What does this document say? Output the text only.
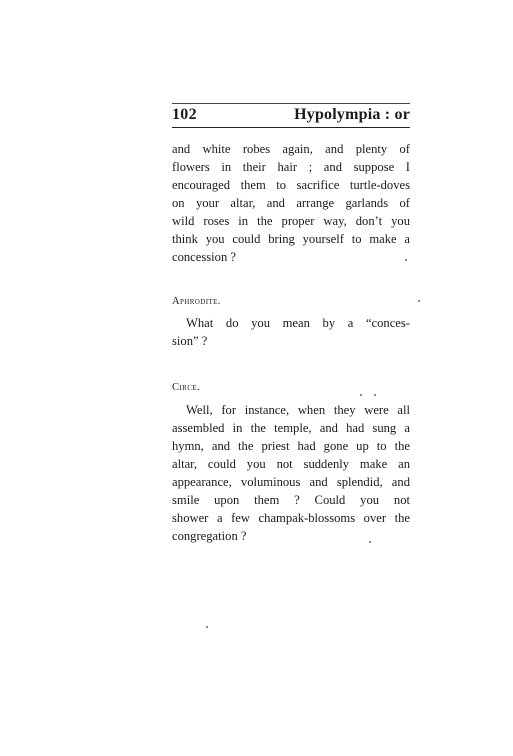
102	Hypolympia : or
and white robes again, and plenty of
flowers in their hair ; and suppose I
encouraged them to sacrifice turtle-doves
on your altar, and arrange garlands of
wild roses in the proper way, don’t you
think you could bring yourself to make a
concession ?
Aphrodite.
What do you mean by a “conces-
sion” ?
Circe.
Well, for instance, when they were all
assembled in the temple, and had sung a
hymn, and the priest had gone up to the
altar, could you not suddenly make an
appearance, voluminous and splendid, and
smile upon them ? Could you not
shower a few champak-blossoms over the
congregation ?
